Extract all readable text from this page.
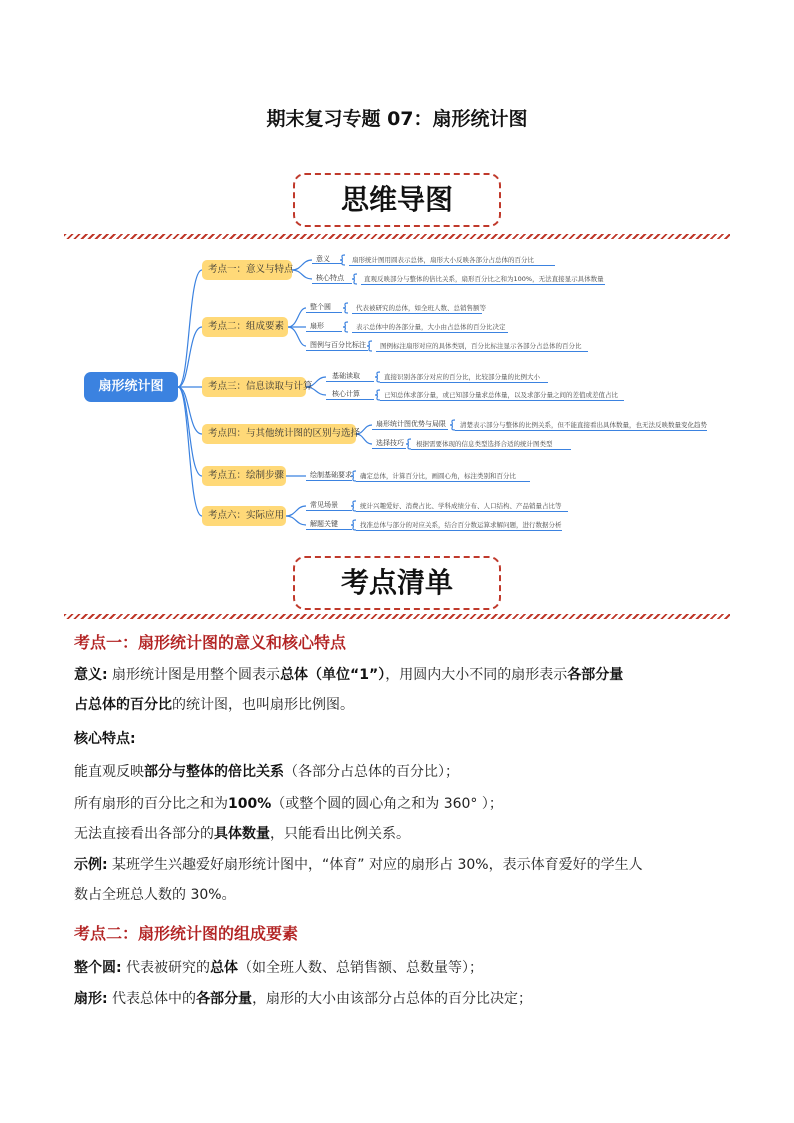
期末复习专题 07：扇形统计图
思维导图
扇形统计图
考点一：意义与特点
考点二：组成要素
考点三：信息读取与计算
考点四：与其他统计图的区别与选择
考点五：绘制步骤
考点六：实际应用
意义	扇形统计图用圆表示总体，扇形大小反映各部分占总体的百分比
核心特点	直观反映部分与整体的倍比关系，扇形百分比之和为100%，无法直接显示具体数量
整个圆	代表被研究的总体，如全班人数、总销售额等
扇形	表示总体中的各部分量，大小由占总体的百分比决定
图例与百分比标注 图例标注扇形对应的具体类别，百分比标注显示各部分占总体的百分比
基础读取	直接识别各部分对应的百分比，比较部分量的比例大小
核心计算	已知总体求部分量，或已知部分量求总体量，以及求部分量之间的差值或差值占比
扇形统计图优势与局限 清楚表示部分与整体的比例关系，但不能直接看出具体数量，也无法反映数量变化趋势
选择技巧 根据需要体现的信息类型选择合适的统计图类型
绘制基础要求 确定总体，计算百分比，画圆心角，标注类别和百分比
常见场景	统计兴趣爱好、消费占比、学科成绩分布、人口结构、产品销量占比等
解题关键	找准总体与部分的对应关系，结合百分数运算求解问题，进行数据分析
考点清单
考点一：扇形统计图的意义和核心特点
意义: 扇形统计图是用整个圆表示总体（单位“1”），用圆内大小不同的扇形表示各部分量
占总体的百分比的统计图，也叫扇形比例图。
核心特点:
能直观反映部分与整体的倍比关系（各部分占总体的百分比）；
所有扇形的百分比之和为100%（或整个圆的圆心角之和为 360° ）；
无法直接看出各部分的具体数量，只能看出比例关系。
示例: 某班学生兴趣爱好扇形统计图中，“体育” 对应的扇形占 30%，表示体育爱好的学生人
数占全班总人数的 30%。
考点二：扇形统计图的组成要素
整个圆: 代表被研究的总体（如全班人数、总销售额、总数量等）；
扇形: 代表总体中的各部分量，扇形的大小由该部分占总体的百分比决定；
